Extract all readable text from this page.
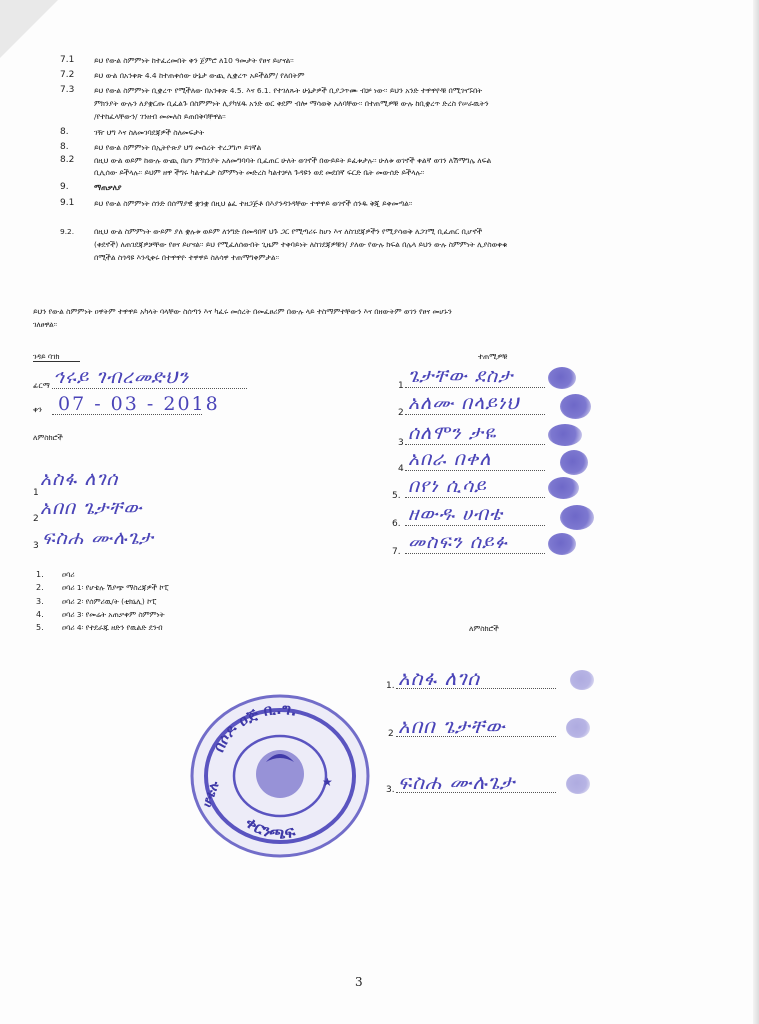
7.1	ይህ የውል ስምምነት ከተፈረመበት ቀን ጀምሮ ለ10 ዓመታት የፀና ይሆናል፡፡
7.2	ይህ ውል በአንቀጽ 4.4 ከተጠቀሰው ሁኔታ ውጪ ሊቋረጥ አይችልም/ የለበትም
7.3	ይህ የውል ስምምነት ቢቋረጥ የሚችለው በአንቀጽ 4.5. እና 6.1. የተገለጹት ሁኔታዎች ቢያጋጥሙ ብቻ ነው፡፡ ይህን አንድ ተዋዋዮቹ በሚገናኙበት
ምክንያት ውሉን ለያቋርጡ ቢፈልጉ በስምምነት ሊያካሄዱ አንድ ወር ቀደም ብሎ ማሳወቅ አለባቸው፡፡ በተጠሚዎቹ ውሉ ከቢቋረጥ ድረስ የሠራዉትን
/የተከፈላቸውን/ ገንዘብ መመለስ ይጠበቅባቸዋል፡፡
8.	ገዥ ህግ እና ስለመገባደጃዎች ስለመፍታት
8.	ይህ የውል ስምምነት በኢትዮጵያ ህግ መሰረት ተረጋግጦ ይገኛል
8.2	በዚህ ውል ወይም ከውሉ ውጪ በሆነ ምክንያት አለመግባባት ቢፈጠር ሁለት ወገኖች በውይይት ይፈቱታሉ፡፡ ሁለቱ ወገኖች ቀልኛ ወገን ለሽማግሌ ለፍል
ቢሊሰው ይችላሉ፡፡ ይህም ዘዋ ችግሩ ካልተፈታ ስምምነት መድረስ ካልተቻለ ጉዳዩን ወደ መደበኛ ፍርድ ቤት መውሰድ ይችላሉ፡፡
9.	ማጠቃለያ
9.1	ይህ የውል ስምምነት ሰንድ በሰማያዊ ቋንቋ በዚህ ፅፈ ተዘጋጅቶ በእያንዳንዳቸው ተዋዋይ ወገኖች ሰንዱ ቅጂ ይቀመጣል፡፡
9.2.	በዚህ ውል ስምምነት ውይም ያለ ቋሉቱ ወይም ለንግድ በመዳበኛ ህጉ ጋር የሚጣሪሩ ከሆነ እና ለስገደጃዎችን የሚያሳወቅ ለጋገሚ ቢፈጠር ቢሆኖች
(ቀደኖች) ለጠገደጃዎቻቸው የፀና ይሆናል፡፡ ይህ የሚፈለሰውበት ጊዜም ተቀባይነት ለስገደጃዎቹን/ ያለው የውሉ ክፍል በሌላ ይህን ውሉ ስምምነት ሊያስወቀቁ
በሚችል ስጎዳዩ እንዲቀሩ በተዋዋዮ ተዋዋይ ስለሳዋ ተጠማግቀምታል፡፡
ይህን የውል ስምምነት ዐዋትም ተዋዋይ አካላት ባላቸው ስሰጣን እና ካፈሩ መሰረት በመፈፀሪም በውሉ ላይ ተስማምተቸውን እና በዘውትም ወገን የፀና መሆኑን
ገለፀዋል፡፡
ገዳይ ባገክ
ፊርማ ኅሩይ ገብረመድህን
ቀን 07 - 03 - 2018
ለምስክሮች
1
አስፋ ለገሰ
2 አበበ ጌታቸው
3 ፍስሐ ሙሉጌታ
ተጠሚዎቹ
1 ጌታቸው ደስታ
2 አለሙ በላይነህ
3 ሰለሞን ታዬ
4 አበራ በቀለ
5. በየነ ሲሳይ
6. ዘውዱ ሀብቴ
7. መስፍን ሰይፉ
1. ዐባሪ
2. ዐባሪ 1፡ የሆቴሉ ሽያጭ ማስረጃዎች ኮፒ
3. ዐባሪ 2፡ የሰምሪዉ/ት (ቲክኒሊ) ኮፒ
4. ዐባሪ 3፡ የመሬት አጠቃቀም ስምምነት
5. ዐባሪ 4፡ የተደራጁ ዘድን የዉልድ ደንብ	ለምስክሮች
1. አስፋ ለገሰ
2 አበበ ጌታቸው
3. ፍስሐ ሙሉጌታ
በሶዶ ዐጅ ቢ.ግ.
ቀርንጫፍ
ሆቴሉ	★
3
